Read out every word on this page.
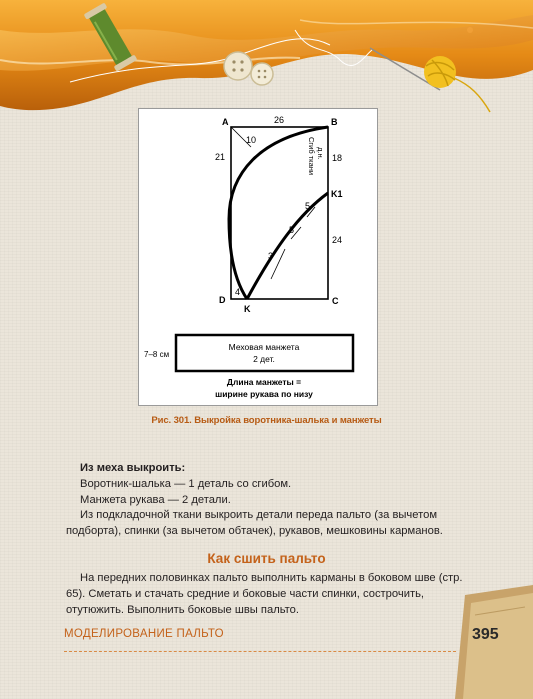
A	B
D	C
K
K1
26
21	18
24
10
4
3
5
5
Сгиб ткани д.н.
7–8 см
Меховая манжета
2 дет.
Длина манжеты =
ширине рукава по низу
Рис. 301. Выкройка воротника-шалька и манжеты

Из меха выкроить:

Воротник-шалька — 1 деталь со сгибом.

Манжета рукава — 2 детали.

Из подкладочной ткани выкроить детали переда пальто (за вычетом подборта), спинки (за вычетом обтачек), рукавов, мешковины карманов.

Как сшить пальто

На передних половинках пальто выполнить карманы в боковом шве (стр. 65). Сметать и стачать средние и боковые части спинки, сострочить, отутюжить. Выполнить боковые швы пальто.

МОДЕЛИРОВАНИЕ ПАЛЬТО	395
